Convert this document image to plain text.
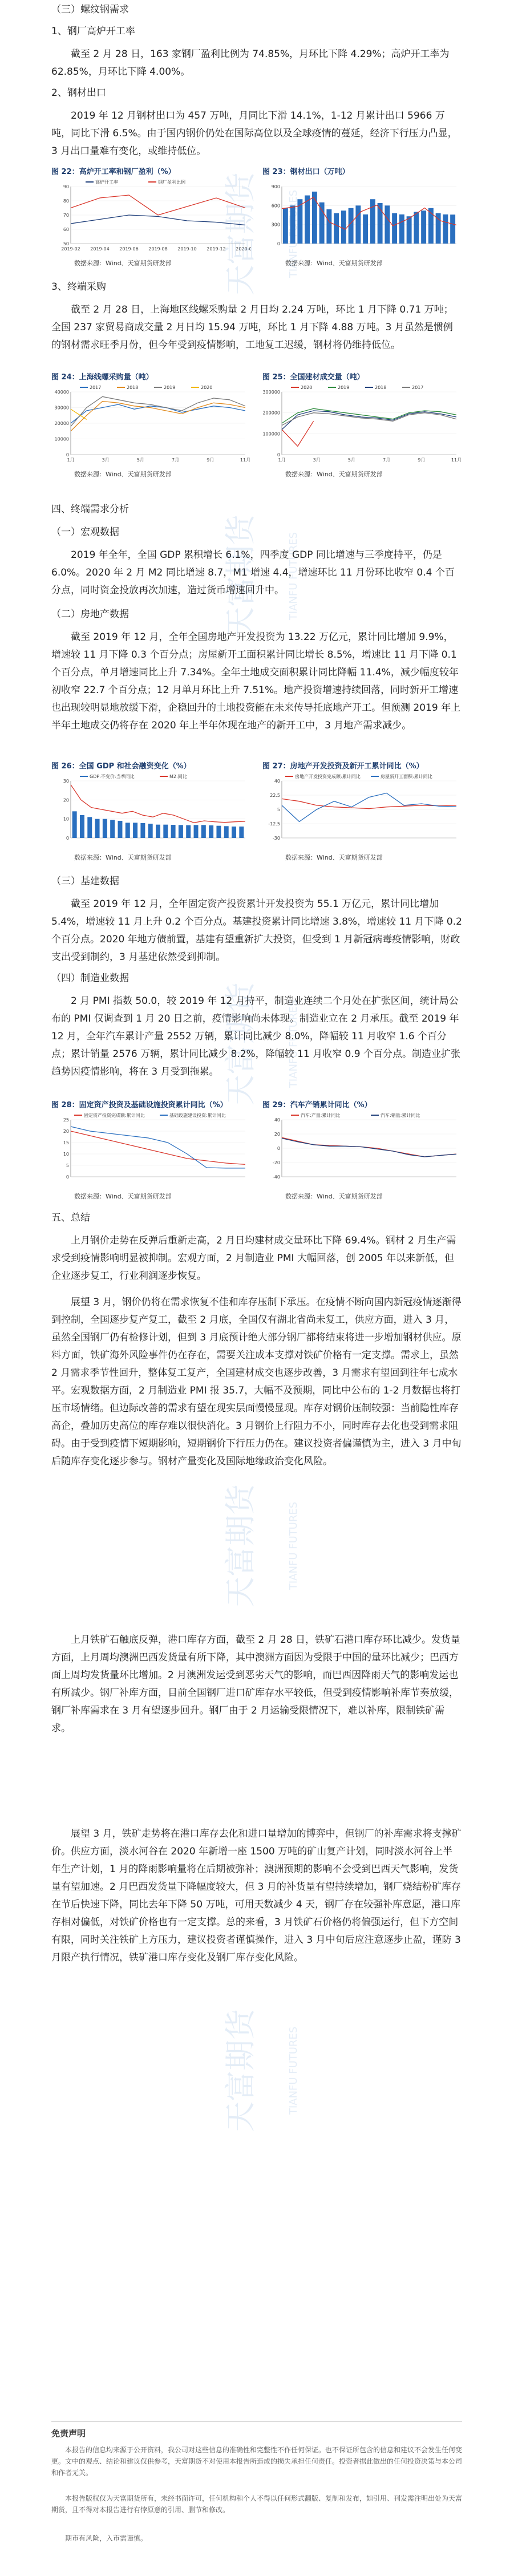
（三）螺纹钢需求
1、钢厂高炉开工率

截至 2 月 28 日，163 家钢厂盈利比例为 74.85%，月环比下降 4.29%；高炉开工率为 62.85%，月环比下降 4.00%。

2、钢材出口

2019 年 12 月钢材出口为 457 万吨，月同比下滑 14.1%，1-12 月累计出口 5966 万吨，同比下滑 6.5%。由于国内钢价仍处在国际高位以及全球疫情的蔓延，经济下行压力凸显，3 月出口量难有变化，或维持低位。

图 22：高炉开工率和钢厂盈利（%）
50
60
70
80
90
2019-02 2019-04 2019-06 2019-08 2019-10 2019-12 2020-0
高炉开工率	钢厂盈利比例
数据来源：Wind、天富期货研发部
图 23：钢材出口（万吨）
0
300
600
900
数据来源：Wind、天富期货研发部
3、终端采购

截至 2 月 28 日，上海地区线螺采购量 2 月日均 2.24 万吨，环比 1 月下降 0.71 万吨；全国 237 家贸易商成交量 2 月日均 15.94 万吨，环比 1 月下降 4.88 万吨。3 月虽然是惯例的钢材需求旺季月份，但今年受到疫情影响，工地复工迟缓，钢材将仍维持低位。

图 24：上海线螺采购量（吨）
0
10000
20000
30000
40000
1月	3月	5月	7月	9月	11月
2017	2018	2019	2020
数据来源：Wind、天富期货研发部
图 25：全国建材成交量（吨）
0
100000
200000
300000
1月	3月	5月	7月	9月	11月
2020	2019	2018	2017
数据来源：Wind、天富期货研发部
四、终端需求分析
（一）宏观数据

2019 年全年，全国 GDP 累积增长 6.1%，四季度 GDP 同比增速与三季度持平，仍是 6.0%。2020 年 2 月 M2 同比增速 8.7，M1 增速 4.4，增速环比 11 月份环比收窄 0.4 个百分点，同时资金投放再次加速，造过货币增速回升中。

（二）房地产数据

截至 2019 年 12 月，全年全国房地产开发投资为 13.22 万亿元，累计同比增加 9.9%，增速较 11 月下降 0.3 个百分点；房屋新开工面积累计同比增长 8.5%，增速比 11 月下降 0.1 个百分点，单月增速同比上升 7.34%。全年土地成交面积累计同比降幅 11.4%，减少幅度较年初收窄 22.7 个百分点；12 月单月环比上升 7.51%。地产投资增速持续回落，同时新开工增速也出现较明显地放缓下滑，企稳回升的土地投资能在未来传导托底地产开工。但预测 2019 年上半年土地成交仍将存在 2020 年上半年体现在地产的新开工中，3 月地产需求减少。

图 26：全国 GDP 和社会融资变化（%）
0
10
20
30
GDP:不变价:当季同比	M2:同比
数据来源：Wind、天富期货研发部
图 27：房地产开发投资及新开工累计同比（%）
-30
-12.5
5
22.5
40
房地产开发投资完成额:累计同比	房屋新开工面积:累计同比
数据来源：Wind、天富期货研发部
（三）基建数据

截至 2019 年 12 月，全年固定资产投资累计开发投资为 55.1 万亿元，累计同比增加 5.4%，增速较 11 月上升 0.2 个百分点。基建投资累计同比增速 3.8%，增速较 11 月下降 0.2 个百分点。2020 年地方债前置，基建有望重新扩大投资，但受到 1 月新冠病毒疫情影响，财政支出受到制约，3 月基建依然受到抑制。

（四）制造业数据

2 月 PMI 指数 50.0，较 2019 年 12 月持平，制造业连续二个月处在扩张区间，统计局公布的 PMI 仅调查到 1 月 20 日之前，疫情影响尚未体现。制造业立在 2 月承压。截至 2019 年 12 月，全年汽车累计产量 2552 万辆，累计同比减少 8.0%，降幅较 11 月收窄 1.6 个百分点；累计销量 2576 万辆，累计同比减少 8.2%，降幅较 11 月收窄 0.9 个百分点。制造业扩张趋势因疫情影响，将在 3 月受到拖累。

图 28：固定资产投资及基础设施投资累计同比（%）
0
5
10
15
20
25
固定资产投资完成额:累计同比	基础设施建设投资:累计同比
数据来源：Wind、天富期货研发部
图 29：汽车产销累计同比（%）
-40
-20
0
20
40
汽车:产量:累计同比	汽车:销量:累计同比
数据来源：Wind、天富期货研发部
五、总结

上月钢价走势在反弹后重新走高，2 月日均建材成交量环比下降 69.4%。钢材 2 月生产需求受到疫情影响明显被抑制。宏观方面，2 月制造业 PMI 大幅回落，创 2005 年以来新低，但企业逐步复工，行业利润逐步恢复。

展望 3 月，钢价仍将在需求恢复不佳和库存压制下承压。在疫情不断向国内新冠疫情逐渐得到控制，全国逐步复产复工，截至 2 月底，全国仅有湖北省尚未复工，供应方面，进入 3 月，虽然全国钢厂仍有检修计划，但到 3 月底预计绝大部分钢厂都将结束将进一步增加钢材供应。原料方面，铁矿海外风险事件仍在存在，需要关注成本支撑对铁矿价格有一定支撑。需求上，虽然 2 月需求季节性回升，整体复工复产，全国建材成交也逐步改善，3 月需求有望回到往年七成水平。宏观数据方面，2 月制造业 PMI 报 35.7，大幅不及预期，同比中公布的 1-2 月数据也将打压市场情绪。但边际改善的需求有望在现实层面慢慢显现。库存对钢价压制较强：当前隐性库存高企，叠加历史高位的库存难以很快消化。3 月钢价上行阻力不小，同时库存去化也受到需求阻碍。由于受到疫情下短期影响，短期钢价下行压力仍在。建议投资者偏谨慎为主，进入 3 月中旬后随库存变化逐步参与。钢材产量变化及国际地缘政治变化风险。

上月铁矿石触底反弹，港口库存方面，截至 2 月 28 日，铁矿石港口库存环比减少。发货量方面，上月周均澳洲巴西发货量有所下降，其中澳洲方面因为受限于中国的量环比减少；巴西方面上周均发货量环比增加。2 月澳洲发运受到恶劣天气的影响，而巴西因降雨天气的影响发运也有所减少。钢厂补库方面，目前全国钢厂进口矿库存水平较低，但受到疫情影响补库节奏放缓，钢厂补库需求在 3 月有望逐步回升。钢厂由于 2 月运输受限情况下，难以补库，限制铁矿需求。

展望 3 月，铁矿走势将在港口库存去化和进口量增加的博弈中，但钢厂的补库需求将支撑矿价。供应方面，淡水河谷在 2020 年新增一座 1500 万吨的矿山复产计划，同时淡水河谷上半年生产计划，1 月的降雨影响量将在后期被弥补；澳洲预期的影响不会受到巴西天气影响，发货量有望加速。2 月巴西发货量下降幅度较大，但 3 月的补货量有望持续增加，钢厂烧结粉矿库存在节后快速下降，同比去年下降 50 万吨，可用天数减少 4 天，钢厂存在较强补库意愿，港口库存相对偏低，对铁矿价格也有一定支撑。总的来看，3 月铁矿石价格仍将偏强运行，但下方空间有限，同时关注铁矿上方压力，建议投资者谨慎操作，进入 3 月中旬后应注意逐步止盈，谨防 3 月限产执行情况，铁矿港口库存变化及钢厂库存变化风险。

天富期货	TIANFU
天富期货	TIANFU FUTURES
天富期货	TIANFU FUTURES
天富期货	TIANFU FUTURES
天富期货	TIANFU FUTURES
免责声明

本报告的信息均来源于公开资料，我公司对这些信息的准确性和完整性不作任何保证。也不保证所包含的信息和建议不会发生任何变更。文中的观点、结论和建议仅供参考，天富期货不对使用本报告所造成的损失承担任何责任。投资者据此做出的任何投资决策与本公司和作者无关。

本报告版权仅为天富期货所有，未经书面许可，任何机构和个人不得以任何形式翻版、复制和发布，如引用、刊发需注明出处为天富期货，且不得对本报告进行有悖原意的引用、删节和修改。

期市有风险，入市需谨慎。
